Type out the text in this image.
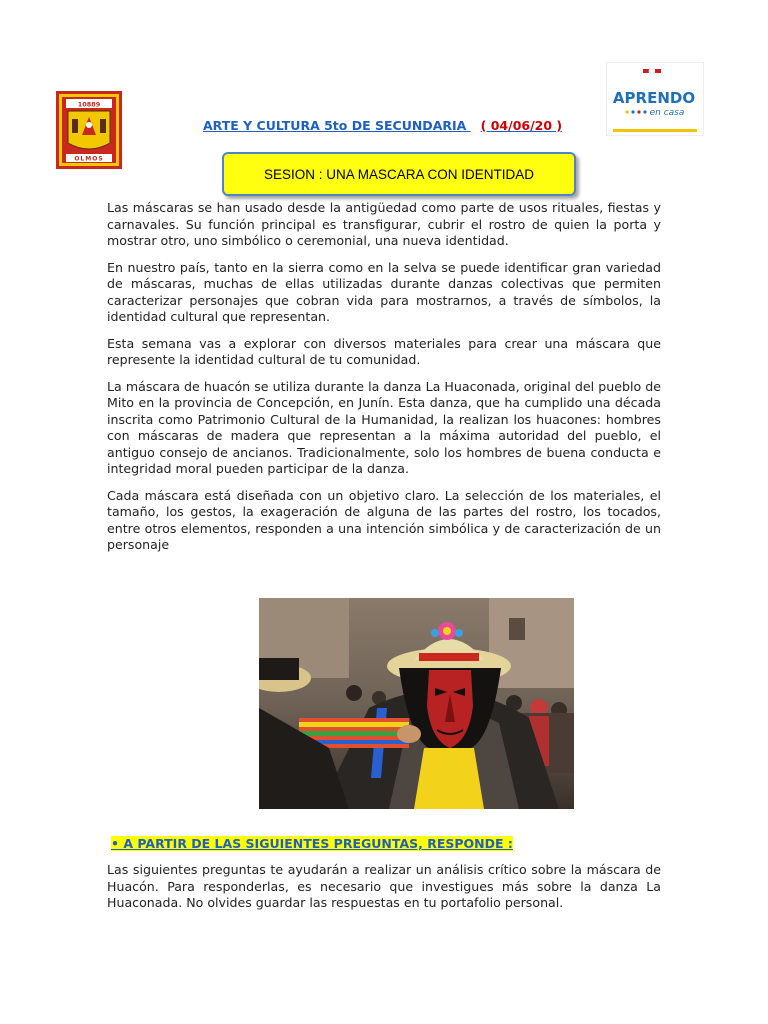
10889
OLMOS
APRENDO
en casa
ARTE Y CULTURA 5to DE SECUNDARIA ( 04/06/20 )
SESION : UNA MASCARA CON IDENTIDAD

Las máscaras se han usado desde la antigüedad como parte de usos rituales, fiestas y carnavales. Su función principal es transfigurar, cubrir el rostro de quien la porta y mostrar otro, uno simbólico o ceremonial, una nueva identidad.

En nuestro país, tanto en la sierra como en la selva se puede identificar gran variedad de máscaras, muchas de ellas utilizadas durante danzas colectivas que permiten caracterizar personajes que cobran vida para mostrarnos, a través de símbolos, la identidad cultural que representan.

Esta semana vas a explorar con diversos materiales para crear una máscara que represente la identidad cultural de tu comunidad.

La máscara de huacón se utiliza durante la danza La Huaconada, original del pueblo de Mito en la provincia de Concepción, en Junín. Esta danza, que ha cumplido una década inscrita como Patrimonio Cultural de la Humanidad, la realizan los huacones: hombres con máscaras de madera que representan a la máxima autoridad del pueblo, el antiguo consejo de ancianos. Tradicionalmente, solo los hombres de buena conducta e integridad moral pueden participar de la danza.

Cada máscara está diseñada con un objetivo claro. La selección de los materiales, el tamaño, los gestos, la exageración de alguna de las partes del rostro, los tocados, entre otros elementos, responden a una intención simbólica y de caracterización de un personaje

• A PARTIR DE LAS SIGUIENTES PREGUNTAS, RESPONDE :

Las siguientes preguntas te ayudarán a realizar un análisis crítico sobre la máscara de Huacón. Para responderlas, es necesario que investigues más sobre la danza La Huaconada. No olvides guardar las respuestas en tu portafolio personal.
